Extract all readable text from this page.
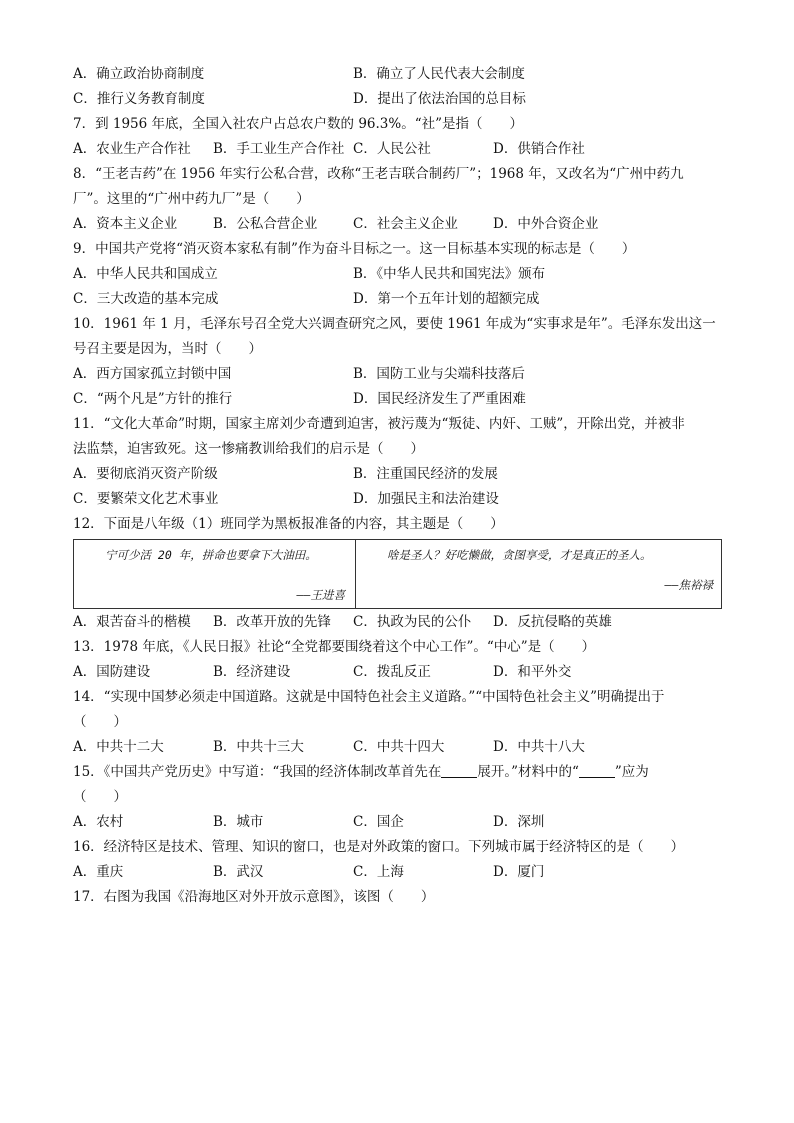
A．确立政治协商制度	B．确立了人民代表大会制度
C．推行义务教育制度	D．提出了依法治国的总目标
7．到 1956 年底，全国入社农户占总农户数的 96.3%。“社”是指（　　）
A．农业生产合作社	B．手工业生产合作社 C．人民公社	D．供销合作社
8．“王老吉药”在 1956 年实行公私合营，改称“王老吉联合制药厂”；1968 年，又改名为“广州中药九
厂”。这里的“广州中药九厂”是（　　）
A．资本主义企业	B．公私合营企业	C．社会主义企业	D．中外合资企业
9．中国共产党将“消灭资本家私有制”作为奋斗目标之一。这一目标基本实现的标志是（　　）
A．中华人民共和国成立	B．《中华人民共和国宪法》颁布
C．三大改造的基本完成	D．第一个五年计划的超额完成
10．1961 年 1 月，毛泽东号召全党大兴调查研究之风，要使 1961 年成为“实事求是年”。毛泽东发出这一
号召主要是因为，当时（　　）
A．西方国家孤立封锁中国	B．国防工业与尖端科技落后
C．“两个凡是”方针的推行	D．国民经济发生了严重困难
11．“文化大革命”时期，国家主席刘少奇遭到迫害，被污蔑为“叛徒、内奸、工贼”，开除出党，并被非
法监禁，迫害致死。这一惨痛教训给我们的启示是（　　）
A．要彻底消灭资产阶级	B．注重国民经济的发展
C．要繁荣文化艺术事业	D．加强民主和法治建设
12．下面是八年级（1）班同学为黑板报准备的内容，其主题是（　　）
宁可少活 20 年，拼命也要拿下大油田。
——王进喜
啥是圣人？好吃懒做，贪图享受，才是真正的圣人。
——焦裕禄
A．艰苦奋斗的楷模	B．改革开放的先锋	C．执政为民的公仆	D．反抗侵略的英雄
13．1978 年底，《人民日报》社论“全党都要围绕着这个中心工作”。“中心”是（　　）
A．国防建设	B．经济建设	C．拨乱反正	D．和平外交
14．“实现中国梦必须走中国道路。这就是中国特色社会主义道路。”“中国特色社会主义”明确提出于
（　　）
A．中共十二大	B．中共十三大	C．中共十四大	D．中共十八大
15．《中国共产党历史》中写道：“我国的经济体制改革首先在	展开。”材料中的“	”应为
（　　）
A．农村	B．城市	C．国企	D．深圳
16．经济特区是技术、管理、知识的窗口，也是对外政策的窗口。下列城市属于经济特区的是（　　）
A．重庆	B．武汉	C．上海	D．厦门
17．右图为我国《沿海地区对外开放示意图》，该图（　　）
